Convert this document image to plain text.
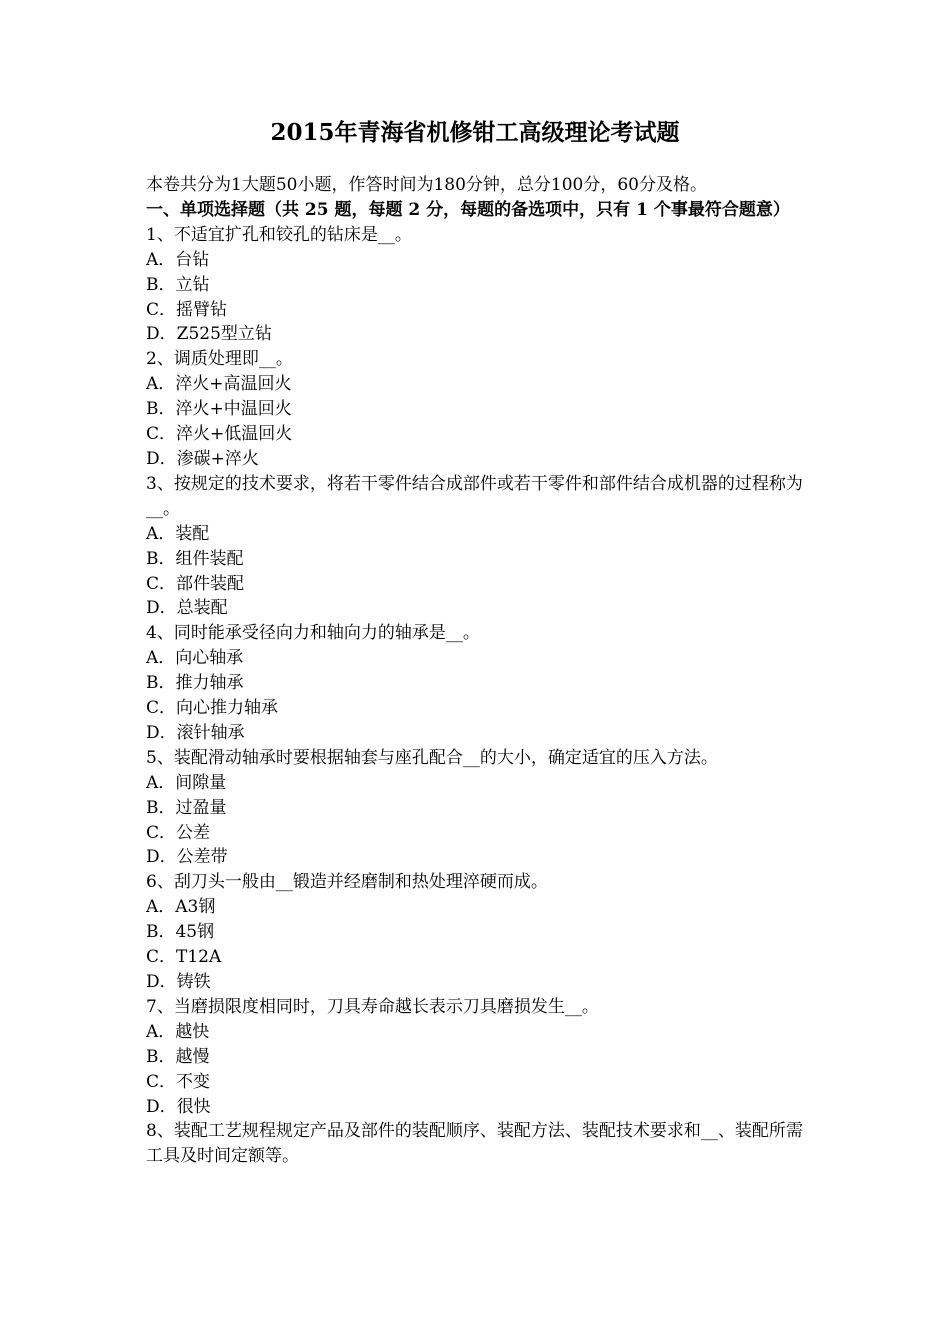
2015年青海省机修钳工高级理论考试题
本卷共分为1大题50小题，作答时间为180分钟，总分100分，60分及格。
一、单项选择题（共 25 题，每题 2 分，每题的备选项中，只有 1 个事最符合题意）
1、不适宜扩孔和铰孔的钻床是__。
A．台钻
B．立钻
C．摇臂钻
D．Z525型立钻
2、调质处理即__。
A．淬火+高温回火
B．淬火+中温回火
C．淬火+低温回火
D．渗碳+淬火
3、按规定的技术要求，将若干零件结合成部件或若干零件和部件结合成机器的过程称为__。
A．装配
B．组件装配
C．部件装配
D．总装配
4、同时能承受径向力和轴向力的轴承是__。
A．向心轴承
B．推力轴承
C．向心推力轴承
D．滚针轴承
5、装配滑动轴承时要根据轴套与座孔配合__的大小，确定适宜的压入方法。
A．间隙量
B．过盈量
C．公差
D．公差带
6、刮刀头一般由__锻造并经磨制和热处理淬硬而成。
A．A3钢
B．45钢
C．T12A
D．铸铁
7、当磨损限度相同时，刀具寿命越长表示刀具磨损发生__。
A．越快
B．越慢
C．不变
D．很快
8、装配工艺规程规定产品及部件的装配顺序、装配方法、装配技术要求和__、装配所需工具及时间定额等。
